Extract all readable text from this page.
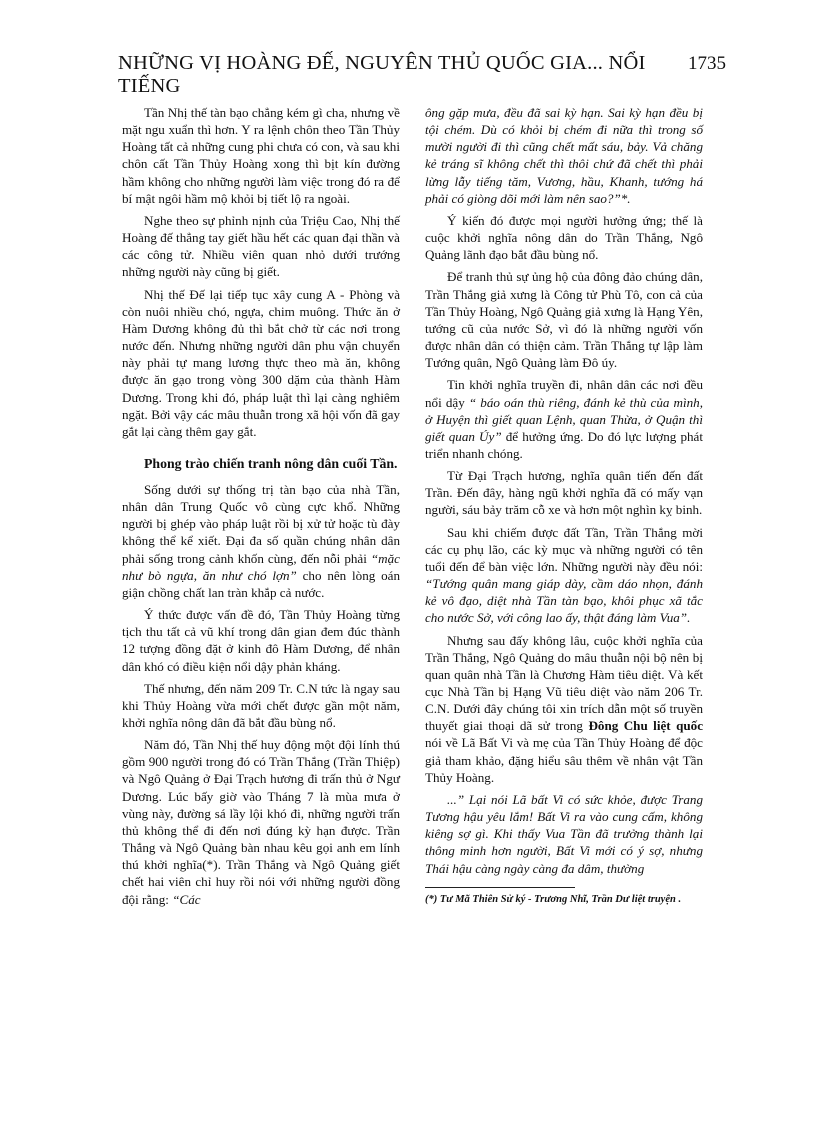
NHỮNG VỊ HOÀNG ĐẾ, NGUYÊN THỦ QUỐC GIA... NỔI TIẾNG
1735

Tần Nhị thế tàn bạo chẳng kém gì cha, nhưng về mặt ngu xuẩn thì hơn. Y ra lệnh chôn theo Tần Thủy Hoàng tất cả những cung phi chưa có con, và sau khi chôn cất Tần Thủy Hoàng xong thì bịt kín đường hầm không cho những người làm việc trong đó ra để bí mật ngôi hầm mộ khỏi bị tiết lộ ra ngoài.

Nghe theo sự phỉnh nịnh của Triệu Cao, Nhị thế Hoàng đế thẳng tay giết hầu hết các quan đại thần và các công tử. Nhiều viên quan nhỏ dưới trướng những người này cũng bị giết.

Nhị thế Đế lại tiếp tục xây cung A - Phòng và còn nuôi nhiều chó, ngựa, chim muông. Thức ăn ở Hàm Dương không đủ thì bắt chở từ các nơi trong nước đến. Nhưng những người dân phu vận chuyển này phải tự mang lương thực theo mà ăn, không được ăn gạo trong vòng 300 dặm của thành Hàm Dương. Trong khi đó, pháp luật thì lại càng nghiêm ngặt. Bởi vậy các mâu thuẫn trong xã hội vốn đã gay gắt lại càng thêm gay gắt.

Phong trào chiến tranh nông dân cuối Tần.

Sống dưới sự thống trị tàn bạo của nhà Tần, nhân dân Trung Quốc vô cùng cực khổ. Những người bị ghép vào pháp luật rồi bị xử tử hoặc tù đày không thể kể xiết. Đại đa số quần chúng nhân dân phải sống trong cảnh khốn cùng, đến nỗi phải “mặc như bò ngựa, ăn như chó lợn” cho nên lòng oán giận chồng chất lan tràn khắp cả nước.

Ý thức được vấn đề đó, Tần Thủy Hoàng từng tịch thu tất cả vũ khí trong dân gian đem đúc thành 12 tượng đồng đặt ở kinh đô Hàm Dương, để nhân dân khó có điều kiện nổi dậy phản kháng.

Thế nhưng, đến năm 209 Tr. C.N tức là ngay sau khi Thủy Hoàng vừa mới chết được gần một năm, khởi nghĩa nông dân đã bắt đầu bùng nổ.

Năm đó, Tần Nhị thế huy động một đội lính thú gồm 900 người trong đó có Trần Thắng (Trần Thiệp) và Ngô Quảng ở Đại Trạch hương đi trấn thủ ở Ngư Dương. Lúc bấy giờ vào Tháng 7 là mùa mưa ở vùng này, đường sá lầy lội khó đi, những người trấn thủ không thể đi đến nơi đúng kỳ hạn được. Trần Thắng và Ngô Quảng bàn nhau kêu gọi anh em lính thú khởi nghĩa(*). Trần Thắng và Ngô Quảng giết chết hai viên chỉ huy rồi nói với những người đồng đội rằng: “Các

ông gặp mưa, đều đã sai kỳ hạn. Sai kỳ hạn đều bị tội chém. Dù có khỏi bị chém đi nữa thì trong số mười người đi thì cũng chết mất sáu, bảy. Vả chăng kẻ tráng sĩ không chết thì thôi chứ đã chết thì phải lừng lẫy tiếng tăm, Vương, hầu, Khanh, tướng há phải có giòng dõi mới làm nên sao?”*.

Ý kiến đó được mọi người hưởng ứng; thế là cuộc khởi nghĩa nông dân do Trần Thắng, Ngô Quảng lãnh đạo bắt đầu bùng nổ.

Để tranh thủ sự ủng hộ của đông đảo chúng dân, Trần Thắng giả xưng là Công tử Phù Tô, con cả của Tần Thủy Hoàng, Ngô Quảng giả xưng là Hạng Yên, tướng cũ của nước Sở, vì đó là những người vốn được nhân dân có thiện cảm. Trần Thắng tự lập làm Tướng quân, Ngô Quảng làm Đô úy.

Tin khởi nghĩa truyền đi, nhân dân các nơi đều nổi dậy “ báo oán thù riêng, đánh kẻ thù của mình, ở Huyện thì giết quan Lệnh, quan Thừa, ở Quận thì giết quan Úy” để hưởng ứng. Do đó lực lượng phát triển nhanh chóng.

Từ Đại Trạch hương, nghĩa quân tiến đến đất Trần. Đến đây, hàng ngũ khởi nghĩa đã có mấy vạn người, sáu bảy trăm cỗ xe và hơn một nghìn kỵ binh.

Sau khi chiếm được đất Tần, Trần Thắng mời các cụ phụ lão, các kỳ mục và những người có tên tuổi đến để bàn việc lớn. Những người này đều nói: “Tướng quân mang giáp dày, cầm dáo nhọn, đánh kẻ vô đạo, diệt nhà Tần tàn bạo, khôi phục xã tắc cho nước Sở, với công lao ấy, thật đáng làm Vua”.

Nhưng sau đấy không lâu, cuộc khởi nghĩa của Trần Thắng, Ngô Quảng do mâu thuẫn nội bộ nên bị quan quân nhà Tần là Chương Hàm tiêu diệt. Và kết cục Nhà Tần bị Hạng Vũ tiêu diệt vào năm 206 Tr. C.N. Dưới đây chúng tôi xin trích dẫn một số truyền thuyết giai thoại dã sử trong Đông Chu liệt quốc nói về Lã Bất Vi và mẹ của Tần Thủy Hoàng để độc giả tham khảo, đặng hiểu sâu thêm về nhân vật Tần Thủy Hoàng.

...” Lại nói Lã bất Vi có sức khỏe, được Trang Tương hậu yêu lắm! Bất Vi ra vào cung cấm, không kiêng sợ gì. Khi thấy Vua Tần đã trưởng thành lại thông minh hơn người, Bất Vi mới có ý sợ, nhưng Thái hậu càng ngày càng đa dâm, thường

(*) Tư Mã Thiên Sử ký - Trương Nhĩ, Trần Dư liệt truyện .
